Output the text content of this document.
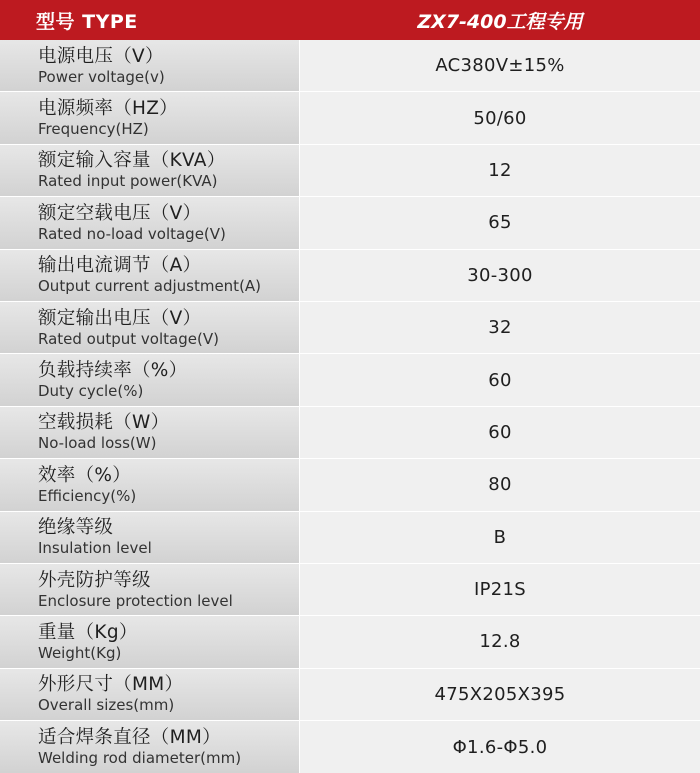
型号 TYPE	ZX7-400工程专用
电源电压（V）
Power voltage(v)
AC380V±15%
电源频率（HZ）
Frequency(HZ)
50/60
额定输入容量（KVA）
Rated input power(KVA)
12
额定空载电压（V）
Rated no-load voltage(V)
65
输出电流调节（A）
Output current adjustment(A)
30-300
额定输出电压（V）
Rated output voltage(V)
32
负载持续率（%）
Duty cycle(%)
60
空载损耗（W）
No-load loss(W)
60
效率（%）
Efficiency(%)
80
绝缘等级
Insulation level
B
外壳防护等级
Enclosure protection level
IP21S
重量（Kg）
Weight(Kg)
12.8
外形尺寸（MM）
Overall sizes(mm)
475X205X395
适合焊条直径（MM）
Welding rod diameter(mm)
Φ1.6-Φ5.0
